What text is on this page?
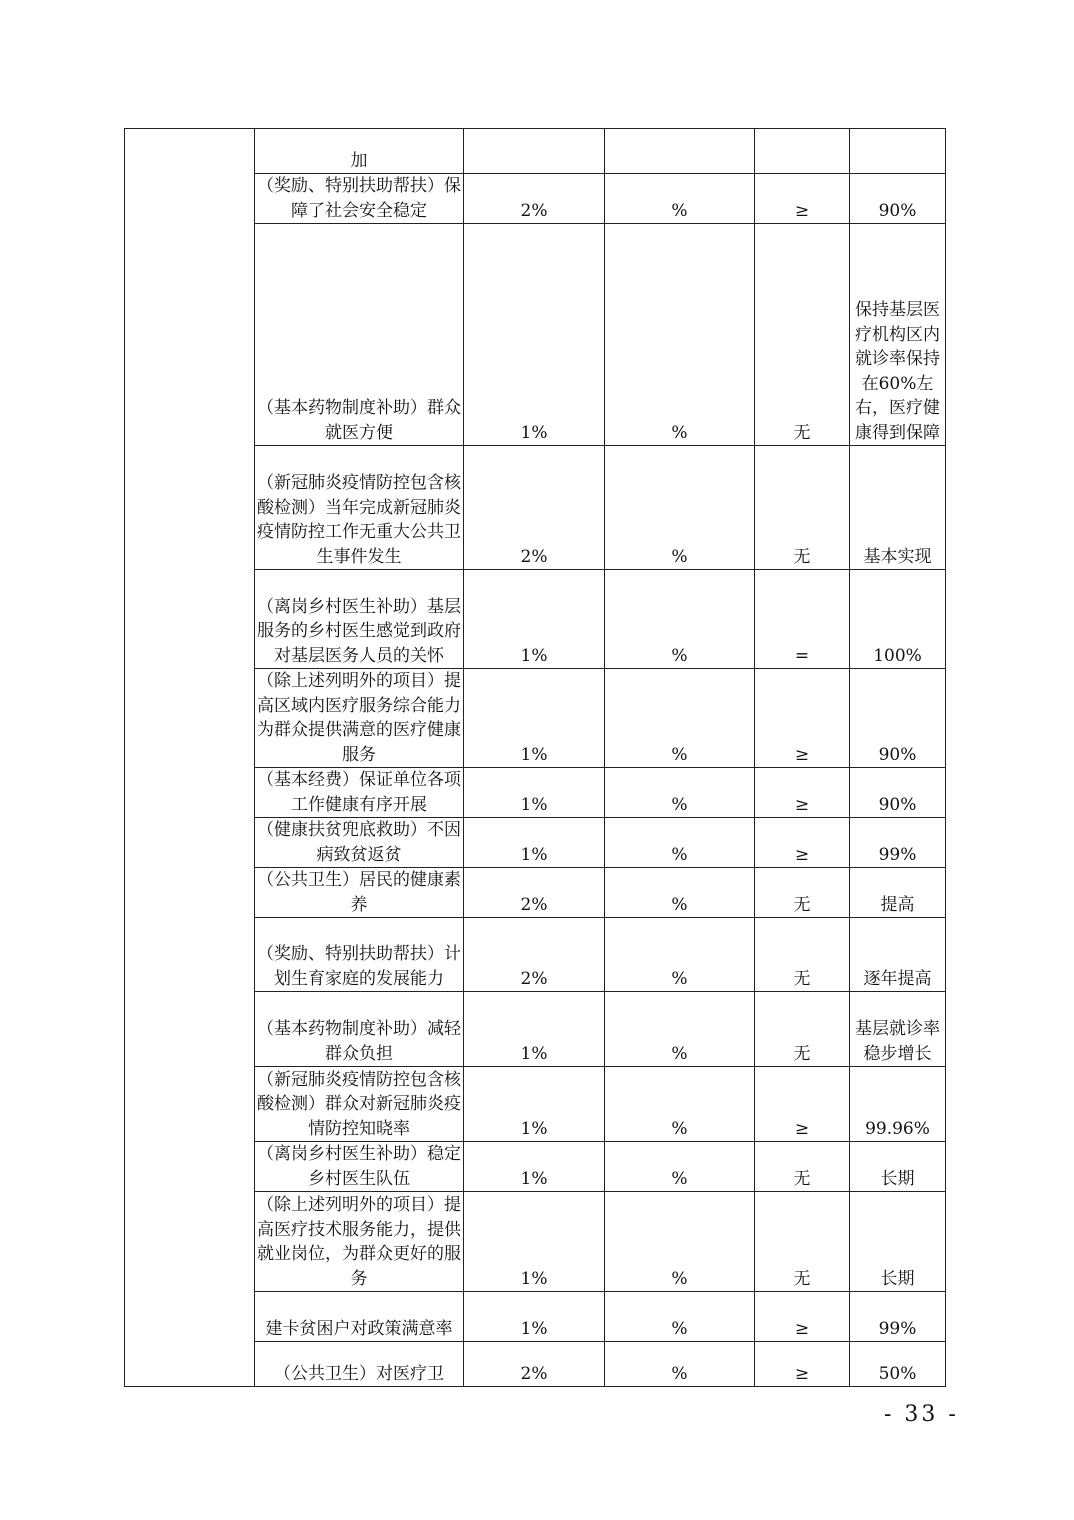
	加				

	（奖励、特别扶助帮扶）保障了社会安全稳定	2%	%	≥	90%

	（基本药物制度补助）群众就医方便	1%	%	无	保持基层医疗机构区内就诊率保持在60%左右，医疗健康得到保障

	（新冠肺炎疫情防控包含核酸检测）当年完成新冠肺炎疫情防控工作无重大公共卫生事件发生	2%	%	无	基本实现

	（离岗乡村医生补助）基层服务的乡村医生感觉到政府对基层医务人员的关怀	1%	%	=	100%

	（除上述列明外的项目）提高区域内医疗服务综合能力为群众提供满意的医疗健康服务	1%	%	≥	90%

	（基本经费）保证单位各项工作健康有序开展	1%	%	≥	90%

	（健康扶贫兜底救助）不因病致贫返贫	1%	%	≥	99%

	（公共卫生）居民的健康素养	2%	%	无	提高

	（奖励、特别扶助帮扶）计划生育家庭的发展能力	2%	%	无	逐年提高

	（基本药物制度补助）减轻群众负担	1%	%	无	基层就诊率稳步增长

	（新冠肺炎疫情防控包含核酸检测）群众对新冠肺炎疫情防控知晓率	1%	%	≥	99.96%

	（离岗乡村医生补助）稳定乡村医生队伍	1%	%	无	长期

	（除上述列明外的项目）提高医疗技术服务能力，提供就业岗位，为群众更好的服务	1%	%	无	长期

	建卡贫困户对政策满意率	1%	%	≥	99%

	（公共卫生）对医疗卫	2%	%	≥	50%
- 33 -
